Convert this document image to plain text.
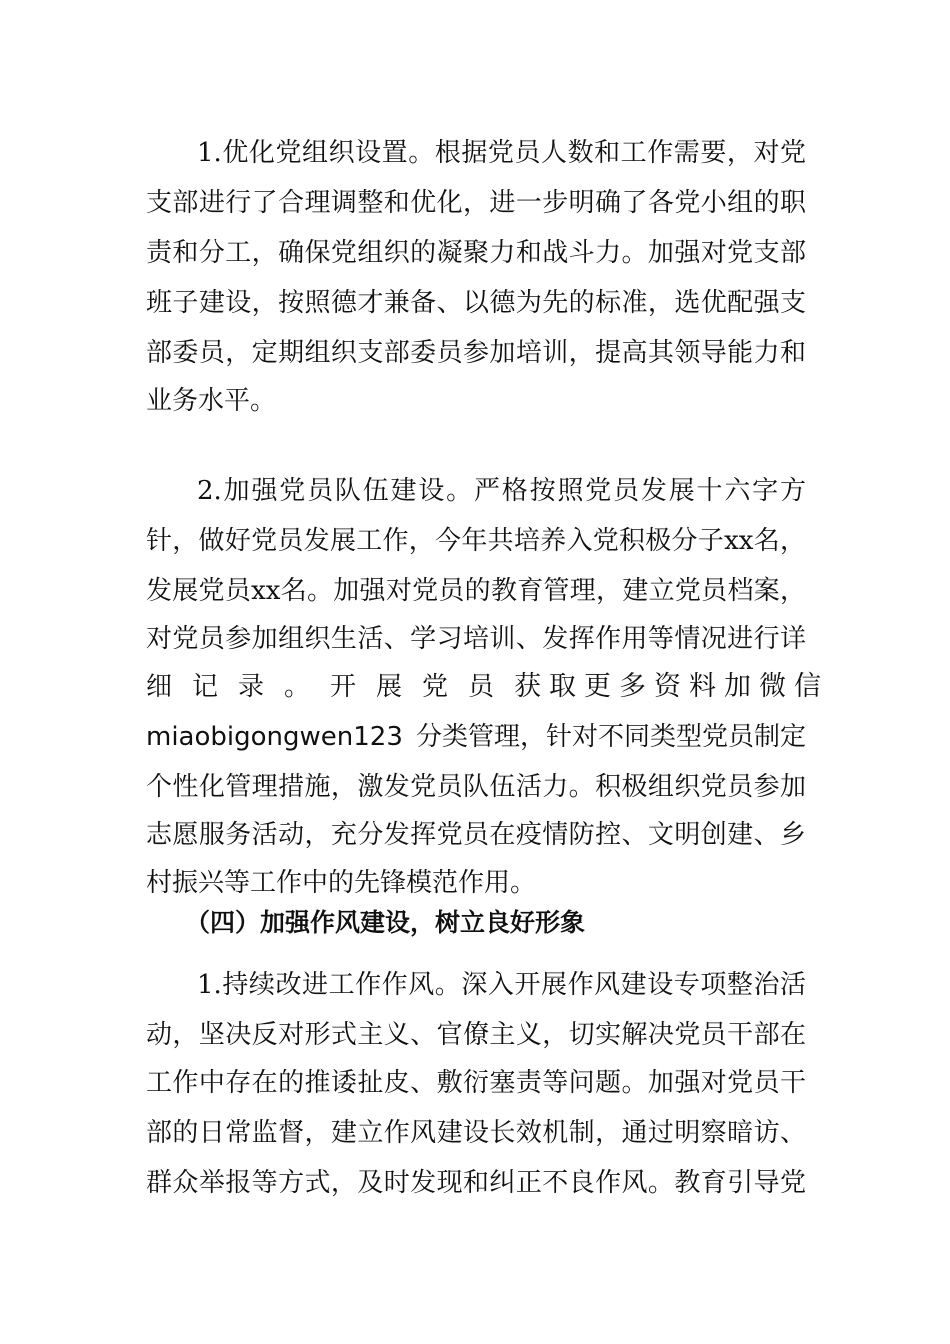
1.优化党组织设置。根据党员人数和工作需要，对党
支部进行了合理调整和优化，进一步明确了各党小组的职
责和分工，确保党组织的凝聚力和战斗力。加强对党支部
班子建设，按照德才兼备、以德为先的标准，选优配强支
部委员，定期组织支部委员参加培训，提高其领导能力和
业务水平。
2.加强党员队伍建设。严格按照党员发展十六字方
针，做好党员发展工作，今年共培养入党积极分子xx名，
发展党员xx名。加强对党员的教育管理，建立党员档案，
对党员参加组织生活、学习培训、发挥作用等情况进行详
细记录。开展党员 获取更多资料加微信
miaobigongwen123 分类管理，针对不同类型党员制定
个性化管理措施，激发党员队伍活力。积极组织党员参加
志愿服务活动，充分发挥党员在疫情防控、文明创建、乡
村振兴等工作中的先锋模范作用。
（四）加强作风建设，树立良好形象
1.持续改进工作作风。深入开展作风建设专项整治活
动，坚决反对形式主义、官僚主义，切实解决党员干部在
工作中存在的推诿扯皮、敷衍塞责等问题。加强对党员干
部的日常监督，建立作风建设长效机制，通过明察暗访、
群众举报等方式，及时发现和纠正不良作风。教育引导党
